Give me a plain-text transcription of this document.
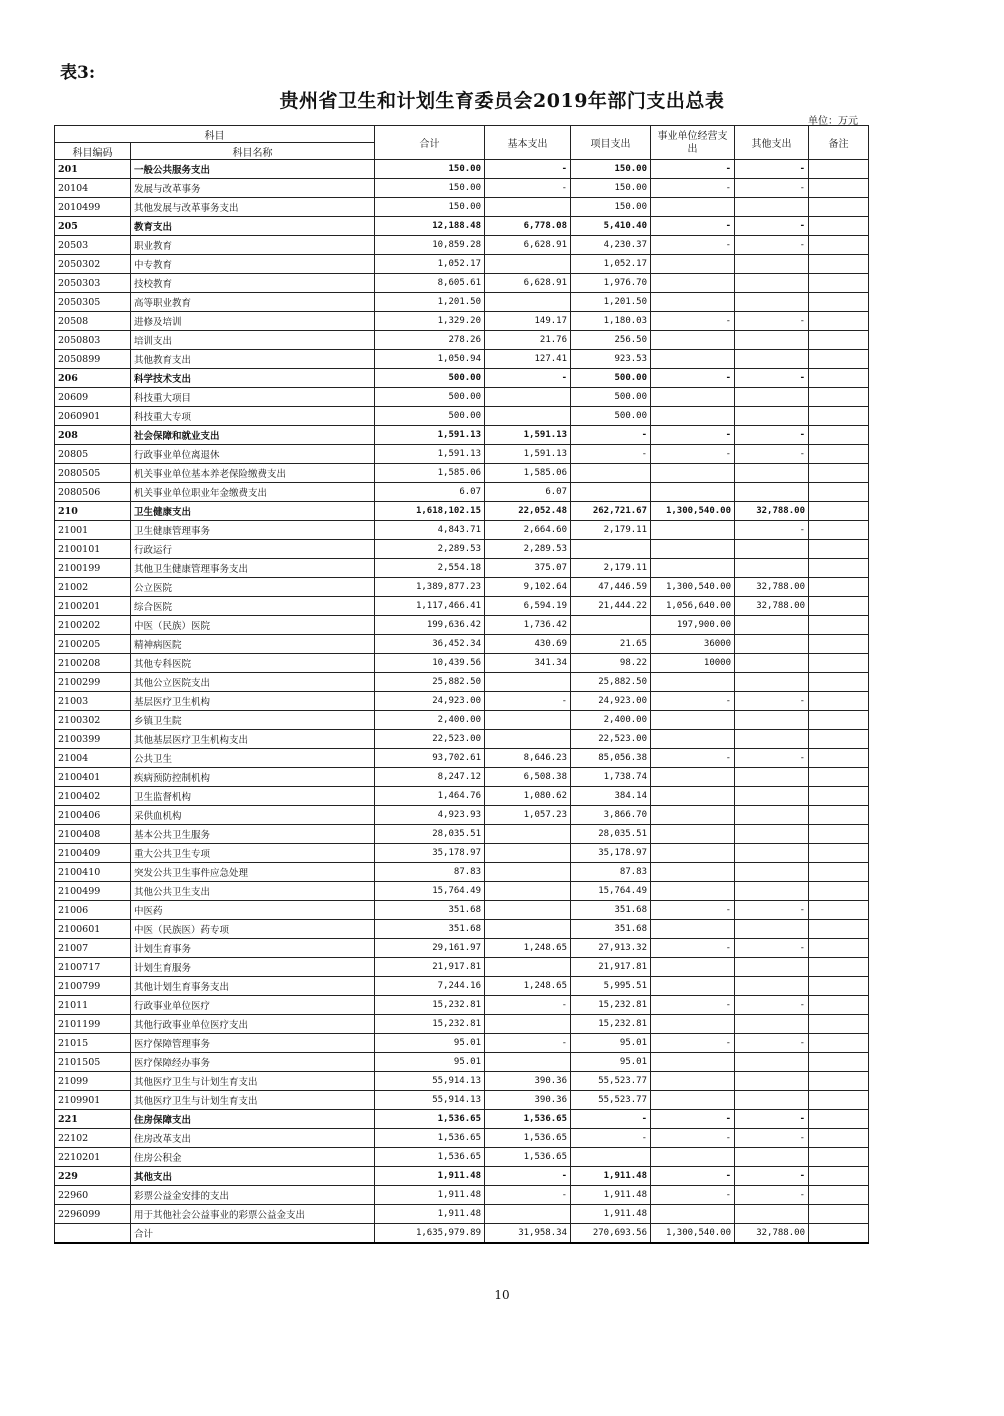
表3:
贵州省卫生和计划生育委员会2019年部门支出总表
单位：万元
科目		合计	基本支出	项目支出	事业单位经营支出	其他支出	备注
科目编码	科目名称						
201	一般公共服务支出	150.00	-	150.00	-	-	
20104	发展与改革事务	150.00	-	150.00	-	-	
2010499	其他发展与改革事务支出	150.00		150.00			
205	教育支出	12,188.48	6,778.08	5,410.40	-	-	
20503	职业教育	10,859.28	6,628.91	4,230.37	-	-	
2050302	中专教育	1,052.17		1,052.17			
2050303	技校教育	8,605.61	6,628.91	1,976.70			
2050305	高等职业教育	1,201.50		1,201.50			
20508	进修及培训	1,329.20	149.17	1,180.03	-	-	
2050803	培训支出	278.26	21.76	256.50			
2050899	其他教育支出	1,050.94	127.41	923.53			
206	科学技术支出	500.00	-	500.00	-	-	
20609	科技重大项目	500.00		500.00			
2060901	科技重大专项	500.00		500.00			
208	社会保障和就业支出	1,591.13	1,591.13	-	-	-	
20805	行政事业单位离退休	1,591.13	1,591.13	-	-	-	
2080505	机关事业单位基本养老保险缴费支出	1,585.06	1,585.06				
2080506	机关事业单位职业年金缴费支出	6.07	6.07				
210	卫生健康支出	1,618,102.15	22,052.48	262,721.67	1,300,540.00	32,788.00	
21001	卫生健康管理事务	4,843.71	2,664.60	2,179.11		-	
2100101	行政运行	2,289.53	2,289.53				
2100199	其他卫生健康管理事务支出	2,554.18	375.07	2,179.11			
21002	公立医院	1,389,877.23	9,102.64	47,446.59	1,300,540.00	32,788.00	
2100201	综合医院	1,117,466.41	6,594.19	21,444.22	1,056,640.00	32,788.00	
2100202	中医（民族）医院	199,636.42	1,736.42		197,900.00		
2100205	精神病医院	36,452.34	430.69	21.65	36000		
2100208	其他专科医院	10,439.56	341.34	98.22	10000		
2100299	其他公立医院支出	25,882.50		25,882.50			
21003	基层医疗卫生机构	24,923.00	-	24,923.00	-	-	
2100302	乡镇卫生院	2,400.00		2,400.00			
2100399	其他基层医疗卫生机构支出	22,523.00		22,523.00			
21004	公共卫生	93,702.61	8,646.23	85,056.38	-	-	
2100401	疾病预防控制机构	8,247.12	6,508.38	1,738.74			
2100402	卫生监督机构	1,464.76	1,080.62	384.14			
2100406	采供血机构	4,923.93	1,057.23	3,866.70			
2100408	基本公共卫生服务	28,035.51		28,035.51			
2100409	重大公共卫生专项	35,178.97		35,178.97			
2100410	突发公共卫生事件应急处理	87.83		87.83			
2100499	其他公共卫生支出	15,764.49		15,764.49			
21006	中医药	351.68		351.68	-	-	
2100601	中医（民族医）药专项	351.68		351.68			
21007	计划生育事务	29,161.97	1,248.65	27,913.32	-	-	
2100717	计划生育服务	21,917.81		21,917.81			
2100799	其他计划生育事务支出	7,244.16	1,248.65	5,995.51			
21011	行政事业单位医疗	15,232.81	-	15,232.81	-	-	
2101199	其他行政事业单位医疗支出	15,232.81		15,232.81			
21015	医疗保障管理事务	95.01	-	95.01	-	-	
2101505	医疗保障经办事务	95.01		95.01			
21099	其他医疗卫生与计划生育支出	55,914.13	390.36	55,523.77			
2109901	其他医疗卫生与计划生育支出	55,914.13	390.36	55,523.77			
221	住房保障支出	1,536.65	1,536.65	-	-	-	
22102	住房改革支出	1,536.65	1,536.65	-	-	-	
2210201	住房公积金	1,536.65	1,536.65				
229	其他支出	1,911.48	-	1,911.48	-	-	
22960	彩票公益金安排的支出	1,911.48	-	1,911.48	-	-	
2296099	用于其他社会公益事业的彩票公益金支出	1,911.48		1,911.48			
	合计	1,635,979.89	31,958.34	270,693.56	1,300,540.00	32,788.00	
10
